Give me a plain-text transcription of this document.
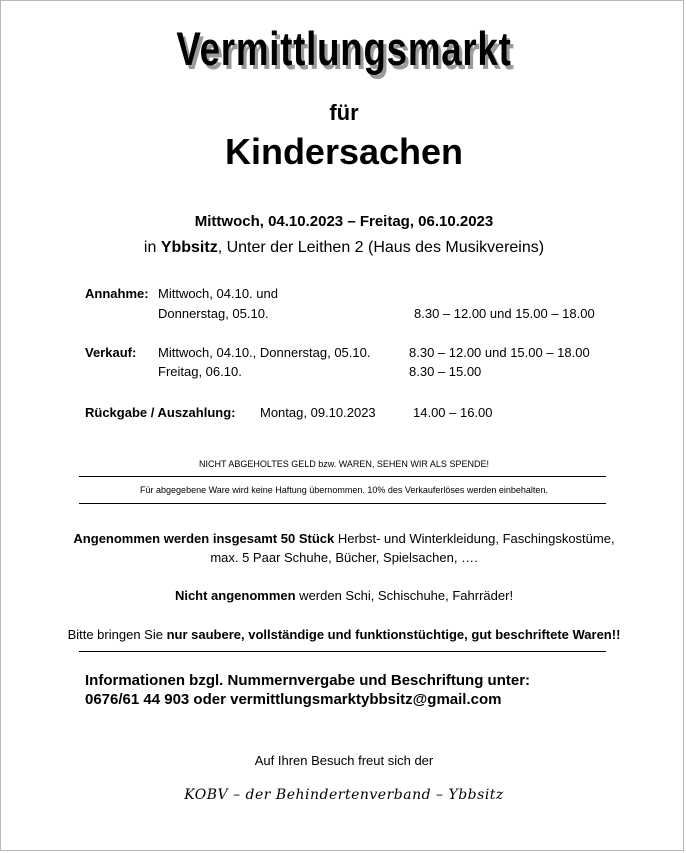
Vermittlungsmarkt
für
Kindersachen
Mittwoch, 04.10.2023 – Freitag, 06.10.2023
in Ybbsitz, Unter der Leithen 2 (Haus des Musikvereins)
Annahme: Mittwoch, 04.10. und
Donnerstag, 05.10.	8.30 – 12.00 und 15.00 – 18.00
Verkauf: Mittwoch, 04.10., Donnerstag, 05.10.	8.30 – 12.00 und 15.00 – 18.00
Freitag, 06.10.	8.30 – 15.00
Rückgabe / Auszahlung: Montag, 09.10.2023	14.00 – 16.00
NICHT ABGEHOLTES GELD bzw. WAREN, SEHEN WIR ALS SPENDE!
Für abgegebene Ware wird keine Haftung übernommen. 10% des Verkauferlöses werden einbehalten.
Angenommen werden insgesamt 50 Stück Herbst- und Winterkleidung, Faschingskostüme,
max. 5 Paar Schuhe, Bücher, Spielsachen, ….
Nicht angenommen werden Schi, Schischuhe, Fahrräder!
Bitte bringen Sie nur saubere, vollständige und funktionstüchtige, gut beschriftete Waren!!
Informationen bzgl. Nummernvergabe und Beschriftung unter:
0676/61 44 903 oder vermittlungsmarktybbsitz@gmail.com
Auf Ihren Besuch freut sich der
KOBV – der Behindertenverband – Ybbsitz
